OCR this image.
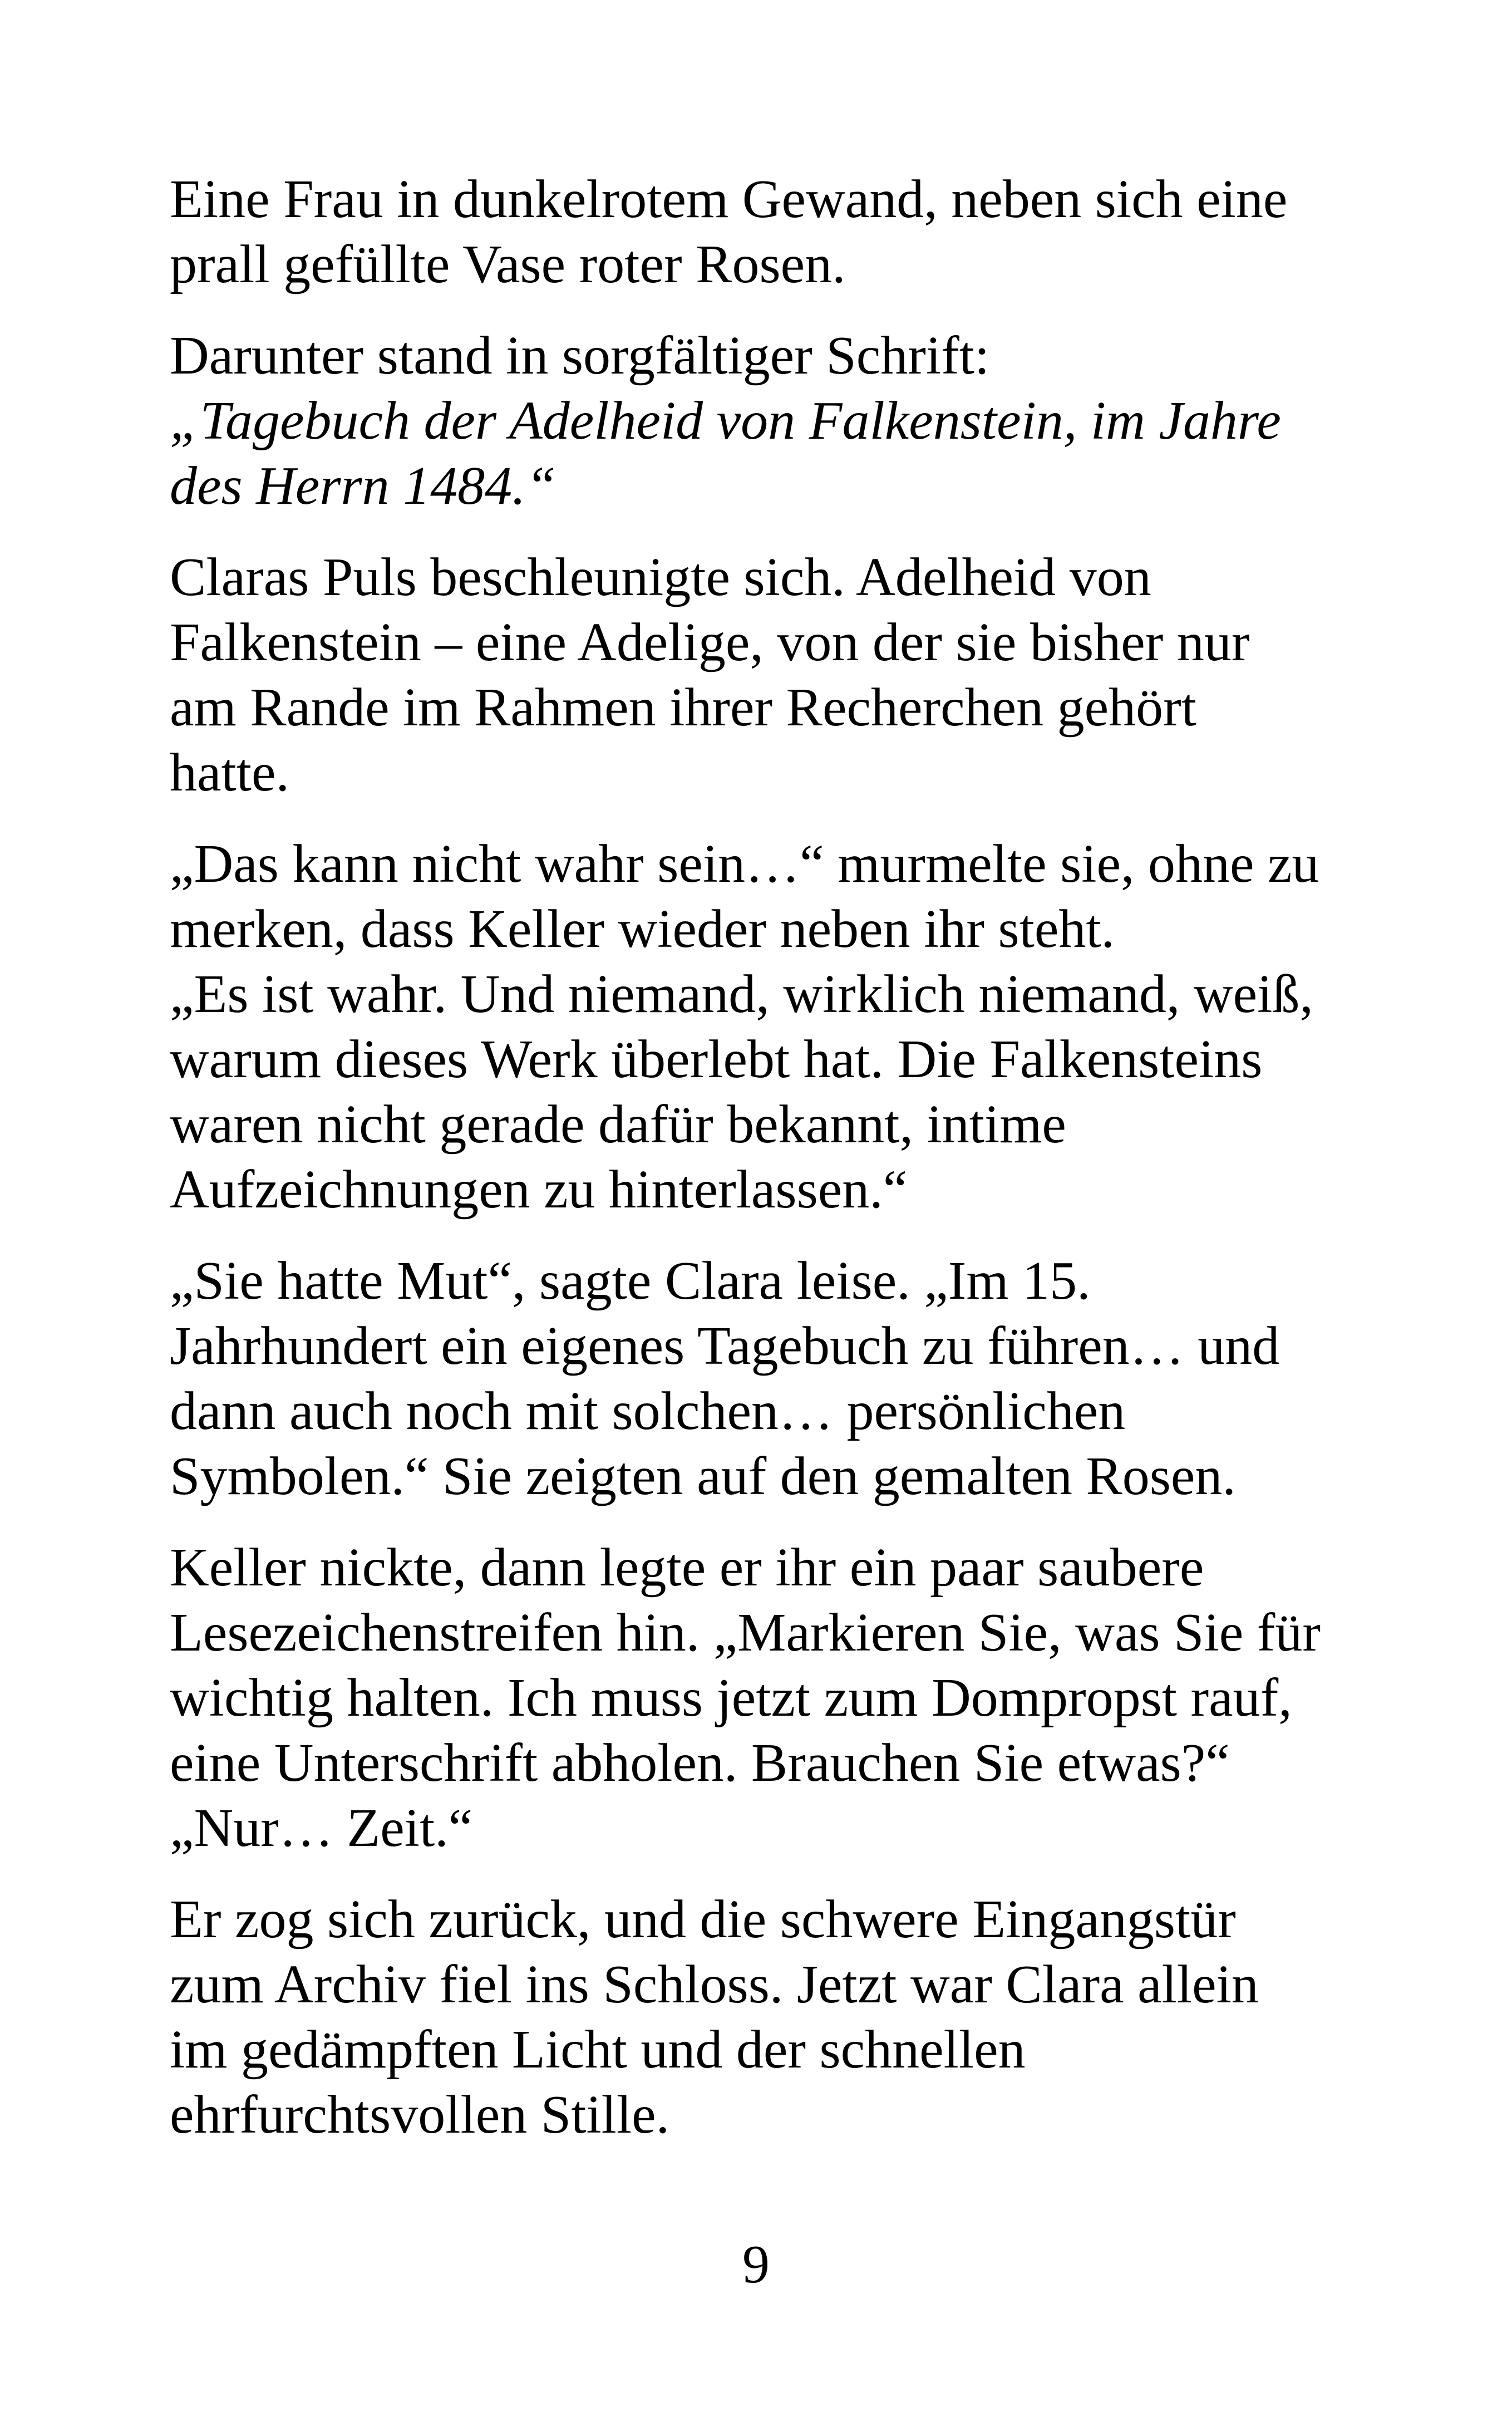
Eine Frau in dunkelrotem Gewand, neben sich eine
prall gefüllte Vase roter Rosen.
Darunter stand in sorgfältiger Schrift:
„Tagebuch der Adelheid von Falkenstein, im Jahre
des Herrn 1484.“
Claras Puls beschleunigte sich. Adelheid von
Falkenstein – eine Adelige, von der sie bisher nur
am Rande im Rahmen ihrer Recherchen gehört
hatte.
„Das kann nicht wahr sein…“ murmelte sie, ohne zu
merken, dass Keller wieder neben ihr steht.
„Es ist wahr. Und niemand, wirklich niemand, weiß,
warum dieses Werk überlebt hat. Die Falkensteins
waren nicht gerade dafür bekannt, intime
Aufzeichnungen zu hinterlassen.“
„Sie hatte Mut“, sagte Clara leise. „Im 15.
Jahrhundert ein eigenes Tagebuch zu führen… und
dann auch noch mit solchen… persönlichen
Symbolen.“ Sie zeigten auf den gemalten Rosen.
Keller nickte, dann legte er ihr ein paar saubere
Lesezeichenstreifen hin. „Markieren Sie, was Sie für
wichtig halten. Ich muss jetzt zum Dompropst rauf,
eine Unterschrift abholen. Brauchen Sie etwas?“
„Nur… Zeit.“
Er zog sich zurück, und die schwere Eingangstür
zum Archiv fiel ins Schloss. Jetzt war Clara allein
im gedämpften Licht und der schnellen
ehrfurchtsvollen Stille.
9
